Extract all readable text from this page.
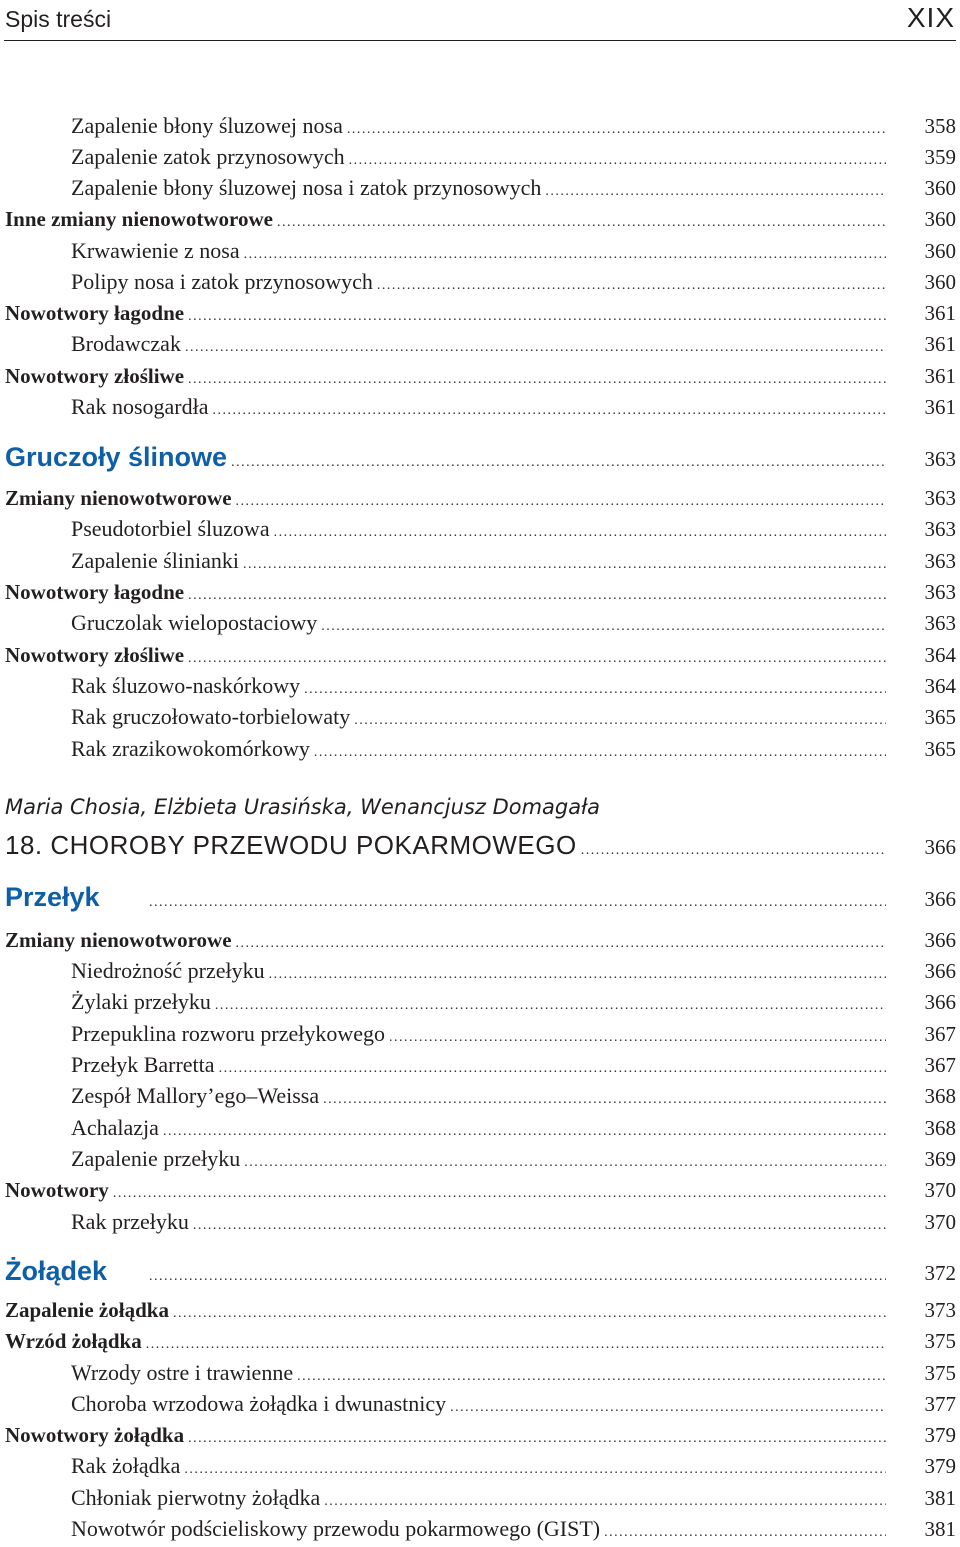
Spis treści	XIX
Zapalenie błony śluzowej nosa . . .	358
Zapalenie zatok przynosowych . . .	359
Zapalenie błony śluzowej nosa i zatok przynosowych . . .	360
Inne zmiany nienowotworowe . . .	360
Krwawienie z nosa . . .	360
Polipy nosa i zatok przynosowych . . .	360
Nowotwory łagodne . . .	361
Brodawczak . . .	361
Nowotwory złośliwe . . .	361
Rak nosogardła . . .	361
Gruczoły ślinowe . . .	363
Zmiany nienowotworowe . . .	363
Pseudotorbiel śluzowa . . .	363
Zapalenie ślinianki . . .	363
Nowotwory łagodne . . .	363
Gruczolak wielopostaciowy . . .	363
Nowotwory złośliwe . . .	364
Rak śluzowo-naskórkowy . . .	364
Rak gruczołowato-torbielowaty . . .	365
Rak zrazikowokomórkowy . . .	365
18. CHOROBY PRZEWODU POKARMOWEGO . . .	366
Przełyk . . .	366
Zmiany nienowotworowe . . .	366
Niedrożność przełyku . . .	366
Żylaki przełyku . . .	366
Przepuklina rozworu przełykowego . . .	367
Przełyk Barretta . . .	367
Zespół Mallory’ego–Weissa . . .	368
Achalazja . . .	368
Zapalenie przełyku . . .	369
Nowotwory . . .	370
Rak przełyku . . .	370
Żołądek . . .	372
Zapalenie żołądka . . .	373
Wrzód żołądka . . .	375
Wrzody ostre i trawienne . . .	375
Choroba wrzodowa żołądka i dwunastnicy . . .	377
Nowotwory żołądka . . .	379
Rak żołądka . . .	379
Chłoniak pierwotny żołądka . . .	381
Nowotwór podścieliskowy przewodu pokarmowego (GIST) . . .	381
Maria Chosia, Elżbieta Urasińska, Wenancjusz Domagała
